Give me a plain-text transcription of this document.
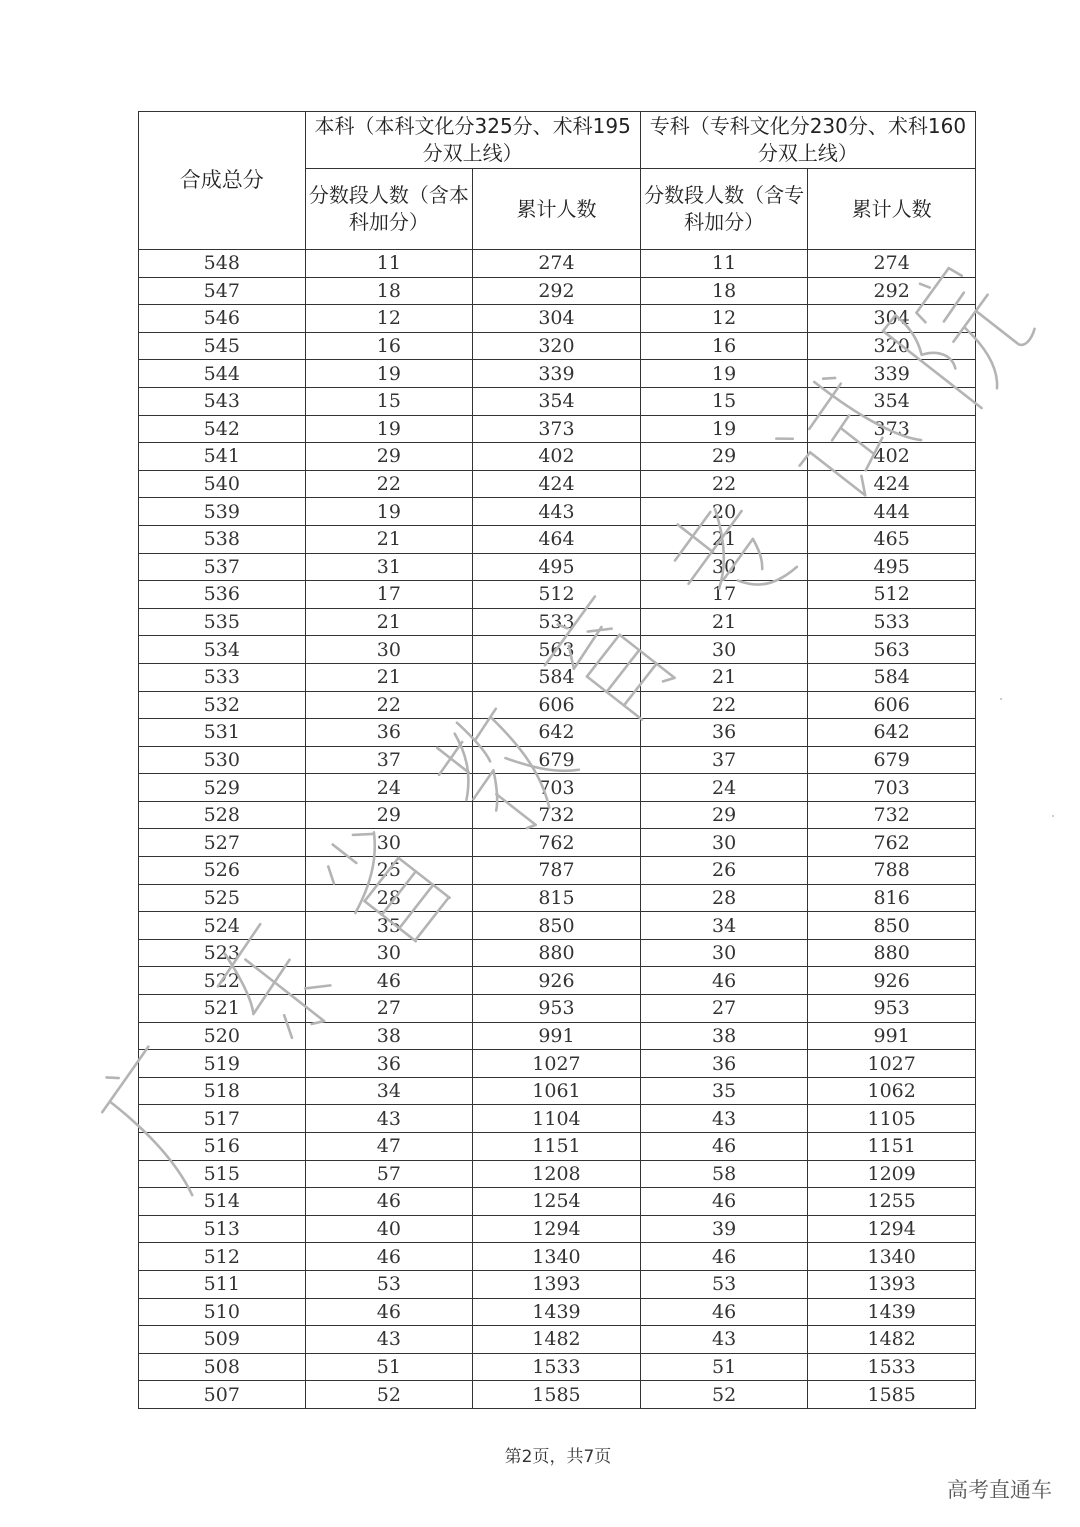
合成总分	本科（本科文化分325分、术科195分双上线）		专科（专科文化分230分、术科160分双上线）	
	分数段人数（含本科加分）	累计人数	分数段人数（含专科加分）	累计人数
548	11	274	11	274
547	18	292	18	292
546	12	304	12	304
545	16	320	16	320
544	19	339	19	339
543	15	354	15	354
542	19	373	19	373
541	29	402	29	402
540	22	424	22	424
539	19	443	20	444
538	21	464	21	465
537	31	495	30	495
536	17	512	17	512
535	21	533	21	533
534	30	563	30	563
533	21	584	21	584
532	22	606	22	606
531	36	642	36	642
530	37	679	37	679
529	24	703	24	703
528	29	732	29	732
527	30	762	30	762
526	25	787	26	788
525	28	815	28	816
524	35	850	34	850
523	30	880	30	880
522	46	926	46	926
521	27	953	27	953
520	38	991	38	991
519	36	1027	36	1027
518	34	1061	35	1062
517	43	1104	43	1105
516	47	1151	46	1151
515	57	1208	58	1209
514	46	1254	46	1255
513	40	1294	39	1294
512	46	1340	46	1340
511	53	1393	53	1393
510	46	1439	46	1439
509	43	1482	43	1482
508	51	1533	51	1533
507	52	1585	52	1585
第2页，共7页
高考直通车
